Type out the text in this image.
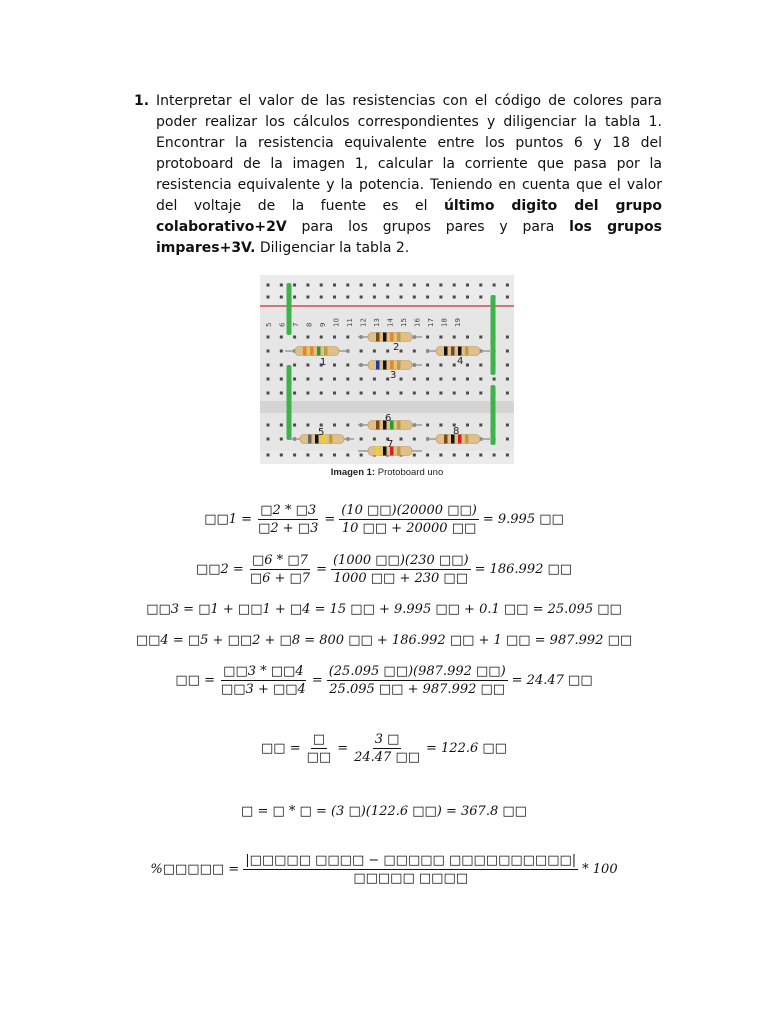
1. Interpretar el valor de las resistencias con el código de colores para poder realizar los cálculos correspondientes y diligenciar la tabla 1. Encontrar la resistencia equivalente entre los puntos 6 y 18 del protoboard de la imagen 1, calcular la corriente que pasa por la resistencia equivalente y la potencia. Teniendo en cuenta que el valor del voltaje de la fuente es el último digito del grupo colaborativo+2V para los grupos pares y para los grupos impares+3V. Diligenciar la tabla 2.

5 6 7 8 9 10 11 12 13 14 15 16 17 18 19
1
2
3
4
5
6
7
8
Imagen 1: Protoboard uno
□□1 = $\frac{□2 * □3}{□2 + □3} = \frac{(10 □□)(20000 □□)}{10 □□ + 20000 □□} = 9.995$ □□
□□2 = $\frac{□6 * □7}{□6 + □7} = \frac{(1000 □□)(230 □□)}{1000 □□ + 230 □□} = 186.992$ □□
□□3 = □1 + □□1 + □4 = 15 □□ + 9.995 □□ + 0.1 □□ = 25.095 □□
□□4 = □5 + □□2 + □8 = 800 □□ + 186.992 □□ + 1 □□ = 987.992 □□
□□ = $\frac{□□3 * □□4}{□□3 + □□4} = \frac{(25.095 □□)(987.992 □□)}{25.095 □□ + 987.992 □□} = 24.47$ □□
□□ = $\frac{□}{□□} = \frac{3 □}{24.47 □□} = 122.6$ □□
□ = □ * □ = (3 □)(122.6 □□) = 367.8 □□
%□□□□□ = $\frac{|□□□□□ □□□□ - □□□□□ □□□□□□□□□□|}{□□□□□ □□□□} * 100$
